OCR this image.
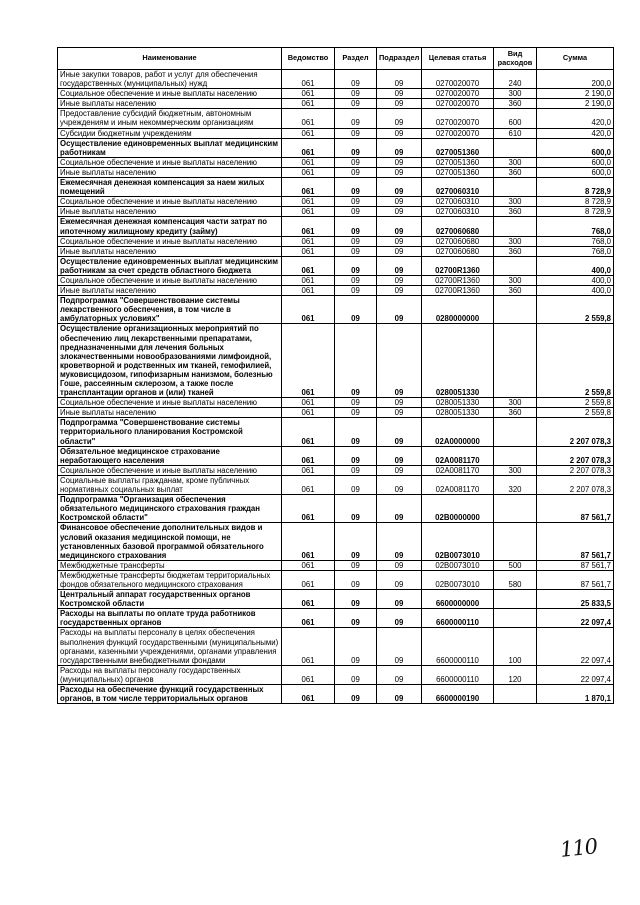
Наименование	Ведомство	Раздел	Подраздел	Целевая статья	Вид расходов	Сумма
Иные закупки товаров, работ и услуг для обеспечения государственных (муниципальных) нужд	061	09	09	0270020070	240	200,0
Социальное обеспечение и иные выплаты населению	061	09	09	0270020070	300	2 190,0
Иные выплаты населению	061	09	09	0270020070	360	2 190,0
Предоставление субсидий бюджетным, автономным учреждениям и иным некоммерческим организациям	061	09	09	0270020070	600	420,0
Субсидии бюджетным учреждениям	061	09	09	0270020070	610	420,0
Осуществление единовременных выплат медицинским работникам	061	09	09	0270051360		600,0
Социальное обеспечение и иные выплаты населению	061	09	09	0270051360	300	600,0
Иные выплаты населению	061	09	09	0270051360	360	600,0
Ежемесячная денежная компенсация за наем жилых помещений	061	09	09	0270060310		8 728,9
Социальное обеспечение и иные выплаты населению	061	09	09	0270060310	300	8 728,9
Иные выплаты населению	061	09	09	0270060310	360	8 728,9
Ежемесячная денежная компенсация части затрат по ипотечному жилищному кредиту (займу)	061	09	09	0270060680		768,0
Социальное обеспечение и иные выплаты населению	061	09	09	0270060680	300	768,0
Иные выплаты населению	061	09	09	0270060680	360	768,0
Осуществление единовременных выплат медицинским работникам за счет средств областного бюджета	061	09	09	02700R1360		400,0
Социальное обеспечение и иные выплаты населению	061	09	09	02700R1360	300	400,0
Иные выплаты населению	061	09	09	02700R1360	360	400,0
Подпрограмма "Совершенствование системы лекарственного обеспечения, в том числе в амбулаторных условиях"	061	09	09	0280000000		2 559,8
Осуществление организационных мероприятий по обеспечению лиц лекарственными препаратами, предназначенными для лечения больных злокачественными новообразованиями лимфоидной, кроветворной и родственных им тканей, гемофилией, муковисцидозом, гипофизарным нанизмом, болезнью Гоше, рассеянным склерозом, а также после трансплантации органов и (или) тканей	061	09	09	0280051330		2 559,8
Социальное обеспечение и иные выплаты населению	061	09	09	0280051330	300	2 559,8
Иные выплаты населению	061	09	09	0280051330	360	2 559,8
Подпрограмма "Совершенствование системы территориального планирования Костромской области"	061	09	09	02А0000000		2 207 078,3
Обязательное медицинское страхование неработающего населения	061	09	09	02А0081170		2 207 078,3
Социальное обеспечение и иные выплаты населению	061	09	09	02А0081170	300	2 207 078,3
Социальные выплаты гражданам, кроме публичных нормативных социальных выплат	061	09	09	02А0081170	320	2 207 078,3
Подпрограмма "Организация обеспечения обязательного медицинского страхования граждан Костромской области"	061	09	09	02В0000000		87 561,7
Финансовое обеспечение дополнительных видов и условий оказания медицинской помощи, не установленных базовой программой обязательного медицинского страхования	061	09	09	02В0073010		87 561,7
Межбюджетные трансферты	061	09	09	02В0073010	500	87 561,7
Межбюджетные трансферты бюджетам территориальных фондов обязательного медицинского страхования	061	09	09	02В0073010	580	87 561,7
Центральный аппарат государственных органов Костромской области	061	09	09	6600000000		25 833,5
Расходы на выплаты по оплате труда работников государственных органов	061	09	09	6600000110		22 097,4
Расходы на выплаты персоналу в целях обеспечения выполнения функций государственными (муниципальными) органами, казенными учреждениями, органами управления государственными внебюджетными фондами	061	09	09	6600000110	100	22 097,4
Расходы на выплаты персоналу государственных (муниципальных) органов	061	09	09	6600000110	120	22 097,4
Расходы на обеспечение функций государственных органов, в том числе территориальных органов	061	09	09	6600000190		1 870,1
110
